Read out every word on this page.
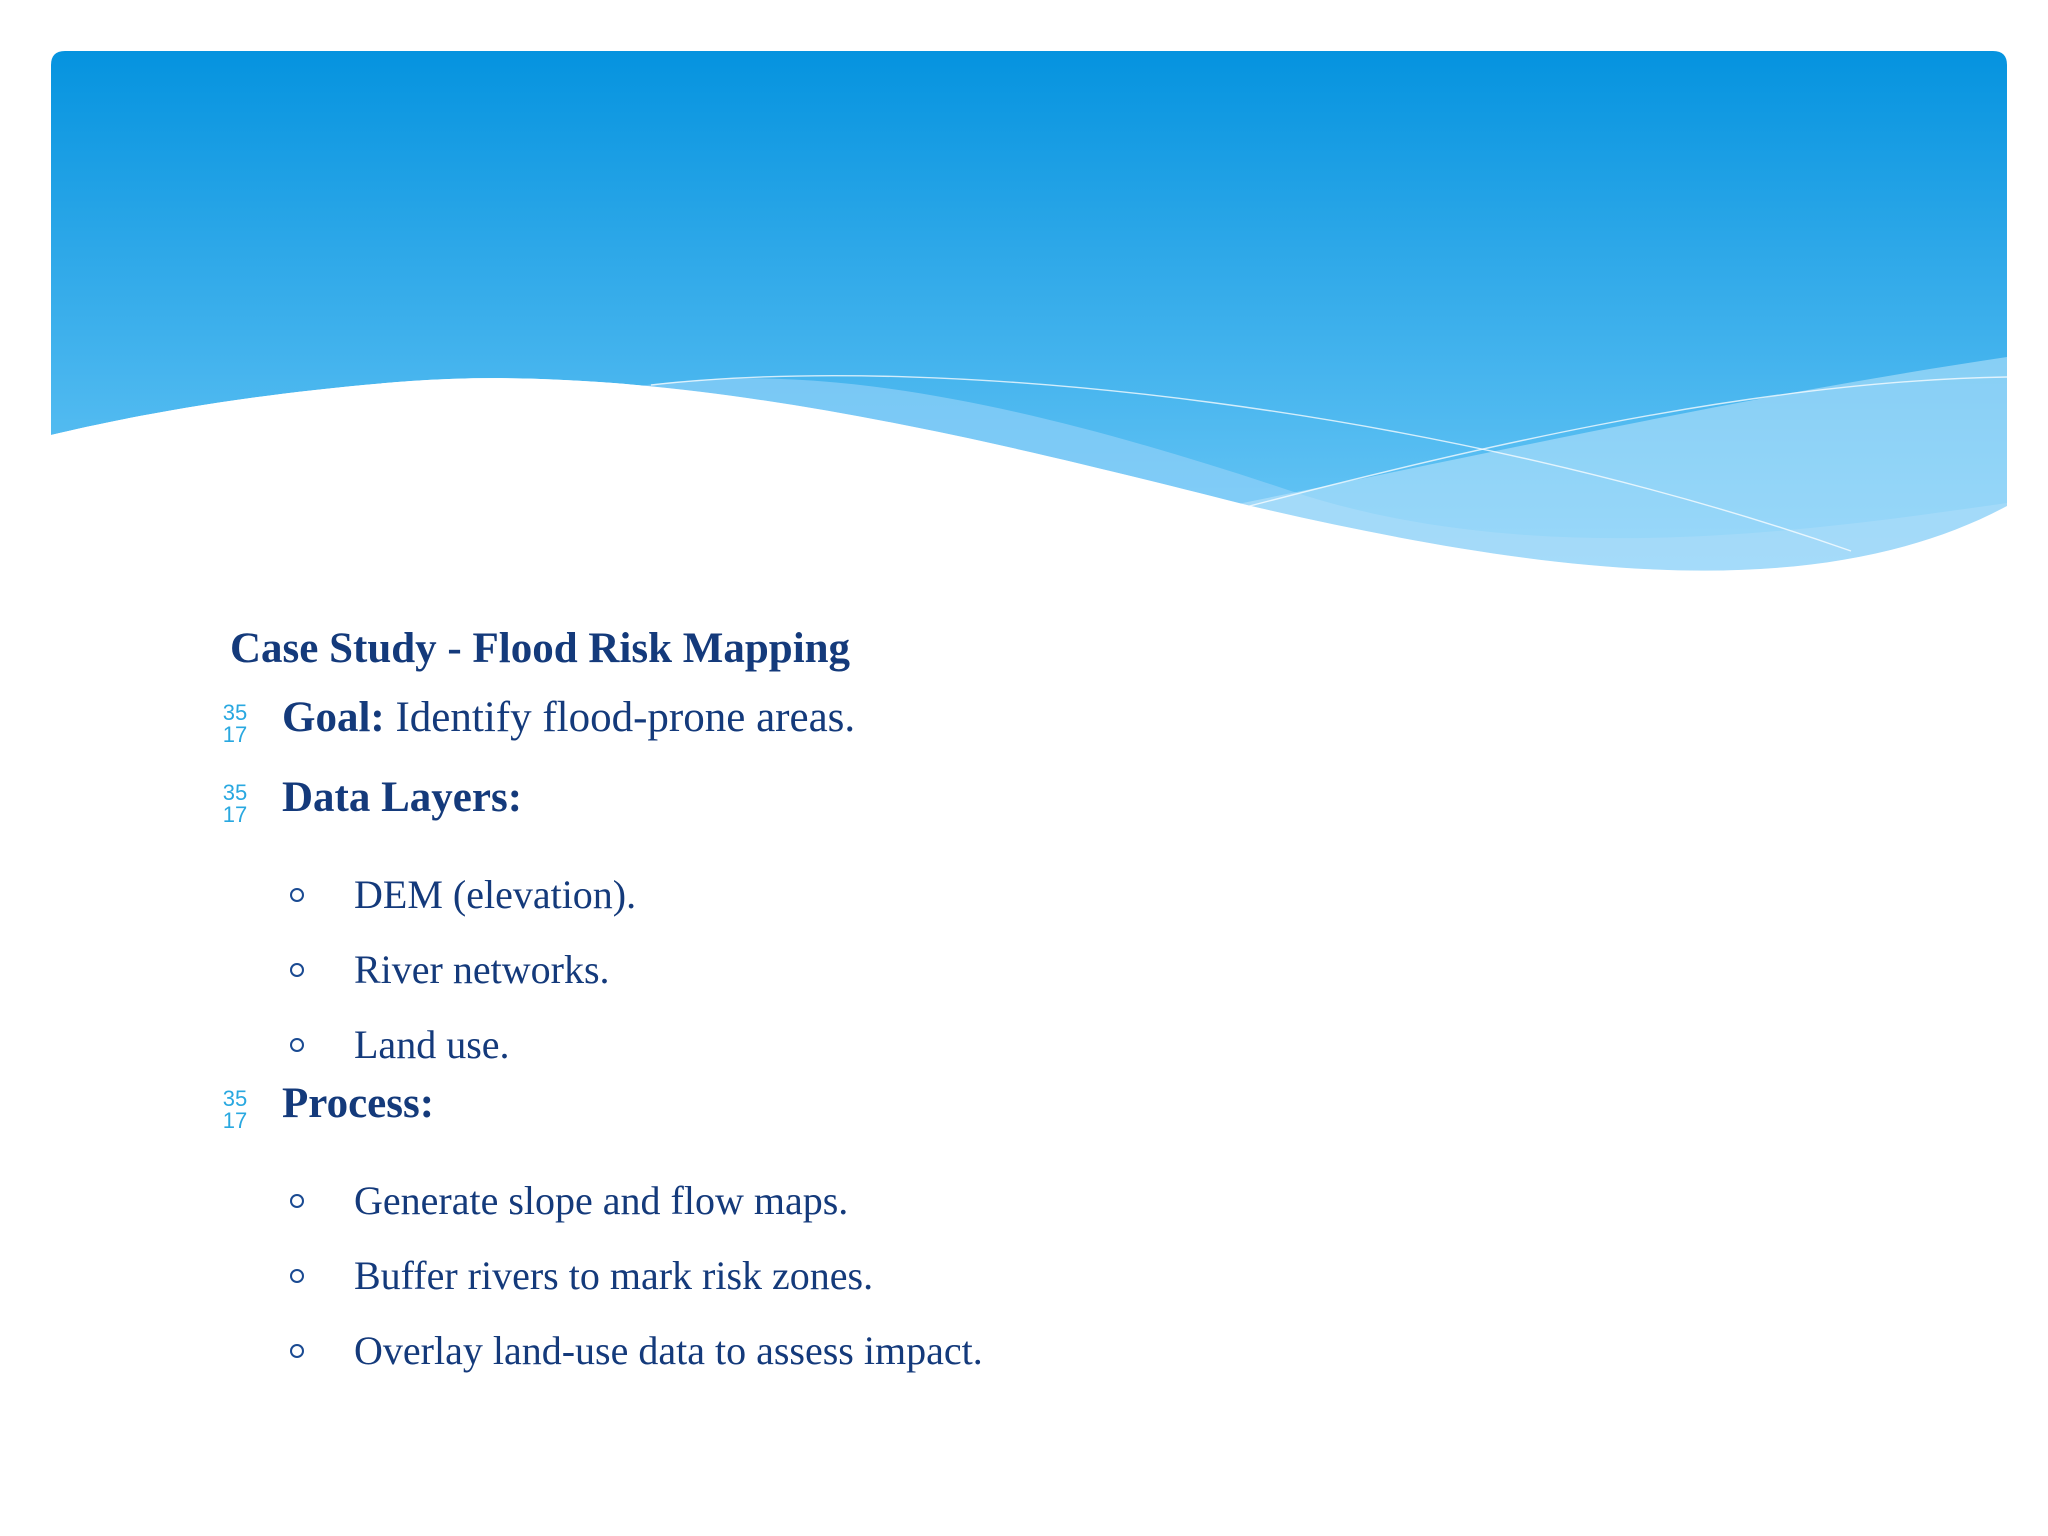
Case Study - Flood Risk Mapping
35
17 Goal: Identify flood-prone areas.
35
17 Data Layers:
DEM (elevation).
River networks.
Land use.
35
17 Process:
Generate slope and flow maps.
Buffer rivers to mark risk zones.
Overlay land-use data to assess impact.
